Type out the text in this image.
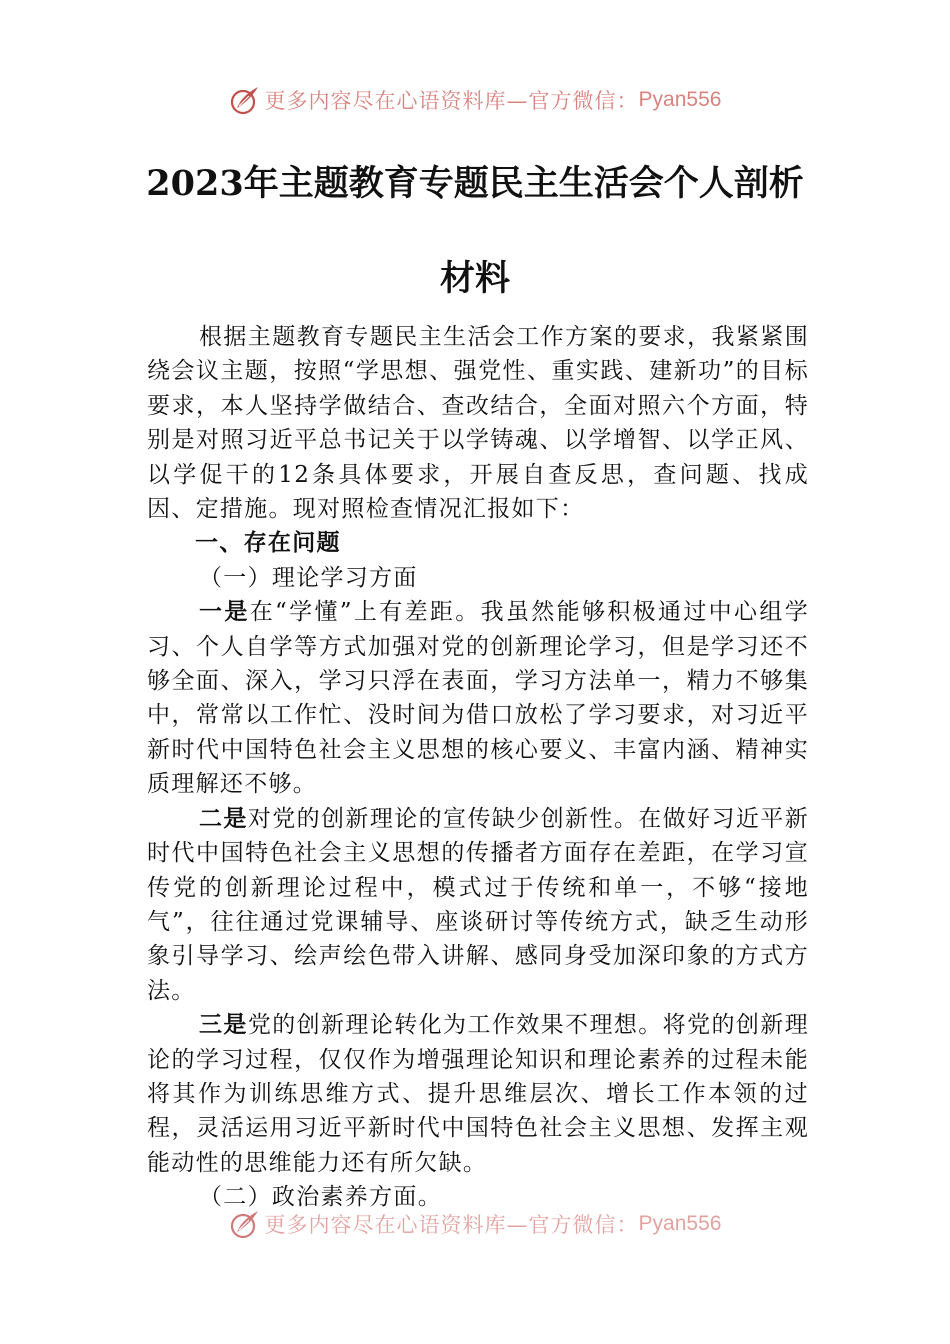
更多内容尽在心语资料库—官方微信： Pyan556
2023年主题教育专题民主生活会个人剖析
材料

根据主题教育专题民主生活会工作方案的要求，我紧紧围绕会议主题，按照“学思想、强党性、重实践、建新功”的目标要求，本人坚持学做结合、查改结合，全面对照六个方面，特别是对照习近平总书记关于以学铸魂、以学增智、以学正风、以学促干的12条具体要求，开展自查反思，查问题、找成因、定措施。现对照检查情况汇报如下：

一、存在问题

（一）理论学习方面

一是在“学懂”上有差距。我虽然能够积极通过中心组学习、个人自学等方式加强对党的创新理论学习，但是学习还不够全面、深入，学习只浮在表面，学习方法单一，精力不够集中，常常以工作忙、没时间为借口放松了学习要求，对习近平新时代中国特色社会主义思想的核心要义、丰富内涵、精神实质理解还不够。

二是对党的创新理论的宣传缺少创新性。在做好习近平新时代中国特色社会主义思想的传播者方面存在差距，在学习宣传党的创新理论过程中，模式过于传统和单一，不够“接地气”，往往通过党课辅导、座谈研讨等传统方式，缺乏生动形象引导学习、绘声绘色带入讲解、感同身受加深印象的方式方法。

三是党的创新理论转化为工作效果不理想。将党的创新理论的学习过程，仅仅作为增强理论知识和理论素养的过程未能将其作为训练思维方式、提升思维层次、增长工作本领的过程，灵活运用习近平新时代中国特色社会主义思想、发挥主观能动性的思维能力还有所欠缺。

（二）政治素养方面。

更多内容尽在心语资料库—官方微信： Pyan556
